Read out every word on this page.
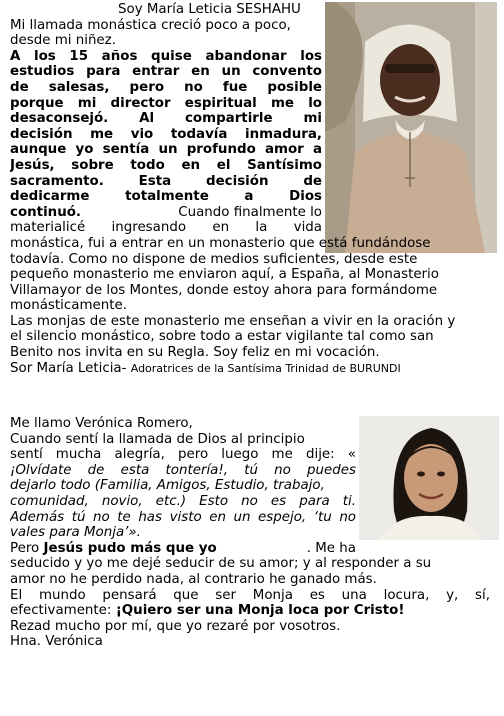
Soy María Leticia SESHAHU
Mi llamada monástica creció poco a poco,
desde mi niñez.
A los 15 años quise abandonar los
estudios para entrar en un convento
de salesas, pero no fue posible
porque mi director espiritual me lo
desaconsejó. Al compartirle mi
decisión me vio todavía inmadura,
aunque yo sentía un profundo amor a
Jesús, sobre todo en el Santísimo
sacramento. Esta decisión de
dedicarme totalmente a Dios
continuó.	Cuando finalmente lo
materialicé ingresando en la vida
monástica, fui a entrar en un monasterio que está fundándose
todavía. Como no dispone de medios suficientes, desde este
pequeño monasterio me enviaron aquí, a España, al Monasterio
Villamayor de los Montes, donde estoy ahora para formándome
monásticamente.
Las monjas de este monasterio me enseñan a vivir en la oración y
el silencio monástico, sobre todo a estar vigilante tal como san
Benito nos invita en su Regla. Soy feliz en mi vocación.
Sor María Leticia- Adoratrices de la Santísima Trinidad de BURUNDI
Me llamo Verónica Romero,
Cuando sentí la llamada de Dios al principio
sentí mucha alegría, pero luego me dije: «
¡Olvídate de esta tontería!, tú no puedes
dejarlo todo (Familia, Amigos, Estudio, trabajo,
comunidad, novio, etc.) Esto no es para ti.
Además tú no te has visto en un espejo, ‘tu no
vales para Monja’».
Pero Jesús pudo más que yo	. Me ha
seducido y yo me dejé seducir de su amor; y al responder a su
amor no he perdido nada, al contrario he ganado más.
El mundo pensará que ser Monja es una locura, y, sí,
efectivamente: ¡Quiero ser una Monja loca por Cristo!
Rezad mucho por mí, que yo rezaré por vosotros.
Hna. Verónica
